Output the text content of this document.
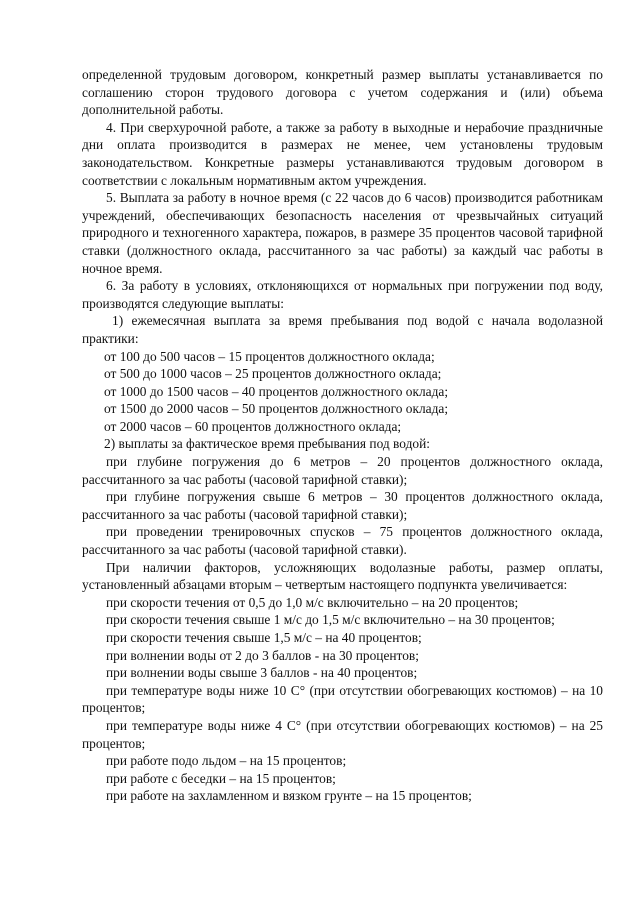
определенной трудовым договором, конкретный размер выплаты устанавливается по соглашению сторон трудового договора с учетом содержания и (или) объема дополнительной работы.

4. При сверхурочной работе, а также за работу в выходные и нерабочие праздничные дни оплата производится в размерах не менее, чем установлены трудовым законодательством. Конкретные размеры устанавливаются трудовым договором в соответствии с локальным нормативным актом учреждения.

5. Выплата за работу в ночное время (с 22 часов до 6 часов) производится работникам учреждений, обеспечивающих безопасность населения от чрезвычайных ситуаций природного и техногенного характера, пожаров, в размере 35 процентов часовой тарифной ставки (должностного оклада, рассчитанного за час работы) за каждый час работы в ночное время.

6. За работу в условиях, отклоняющихся от нормальных при погружении под воду, производятся следующие выплаты:

1) ежемесячная выплата за время пребывания под водой с начала водолазной практики:

от 100 до 500 часов – 15 процентов должностного оклада;

от 500 до 1000 часов – 25 процентов должностного оклада;

от 1000 до 1500 часов – 40 процентов должностного оклада;

от 1500 до 2000 часов – 50 процентов должностного оклада;

от 2000 часов – 60 процентов должностного оклада;

2) выплаты за фактическое время пребывания под водой:

при глубине погружения до 6 метров – 20 процентов должностного оклада, рассчитанного за час работы (часовой тарифной ставки);

при глубине погружения свыше 6 метров – 30 процентов должностного оклада, рассчитанного за час работы (часовой тарифной ставки);

при проведении тренировочных спусков – 75 процентов должностного оклада, рассчитанного за час работы (часовой тарифной ставки).

При наличии факторов, усложняющих водолазные работы, размер оплаты, установленный абзацами вторым – четвертым настоящего подпункта увеличивается:

при скорости течения от 0,5 до 1,0 м/с включительно – на 20 процентов;

при скорости течения свыше 1 м/с до 1,5 м/с включительно – на 30 процентов;

при скорости течения свыше 1,5 м/с – на 40 процентов;

при волнении воды от 2 до 3 баллов - на 30 процентов;

при волнении воды свыше 3 баллов - на 40 процентов;

при температуре воды ниже 10 С° (при отсутствии обогревающих костюмов) – на 10 процентов;

при температуре воды ниже 4 С° (при отсутствии обогревающих костюмов) – на 25 процентов;

при работе подо льдом – на 15 процентов;

при работе с беседки – на 15 процентов;

при работе на захламленном и вязком грунте – на 15 процентов;
